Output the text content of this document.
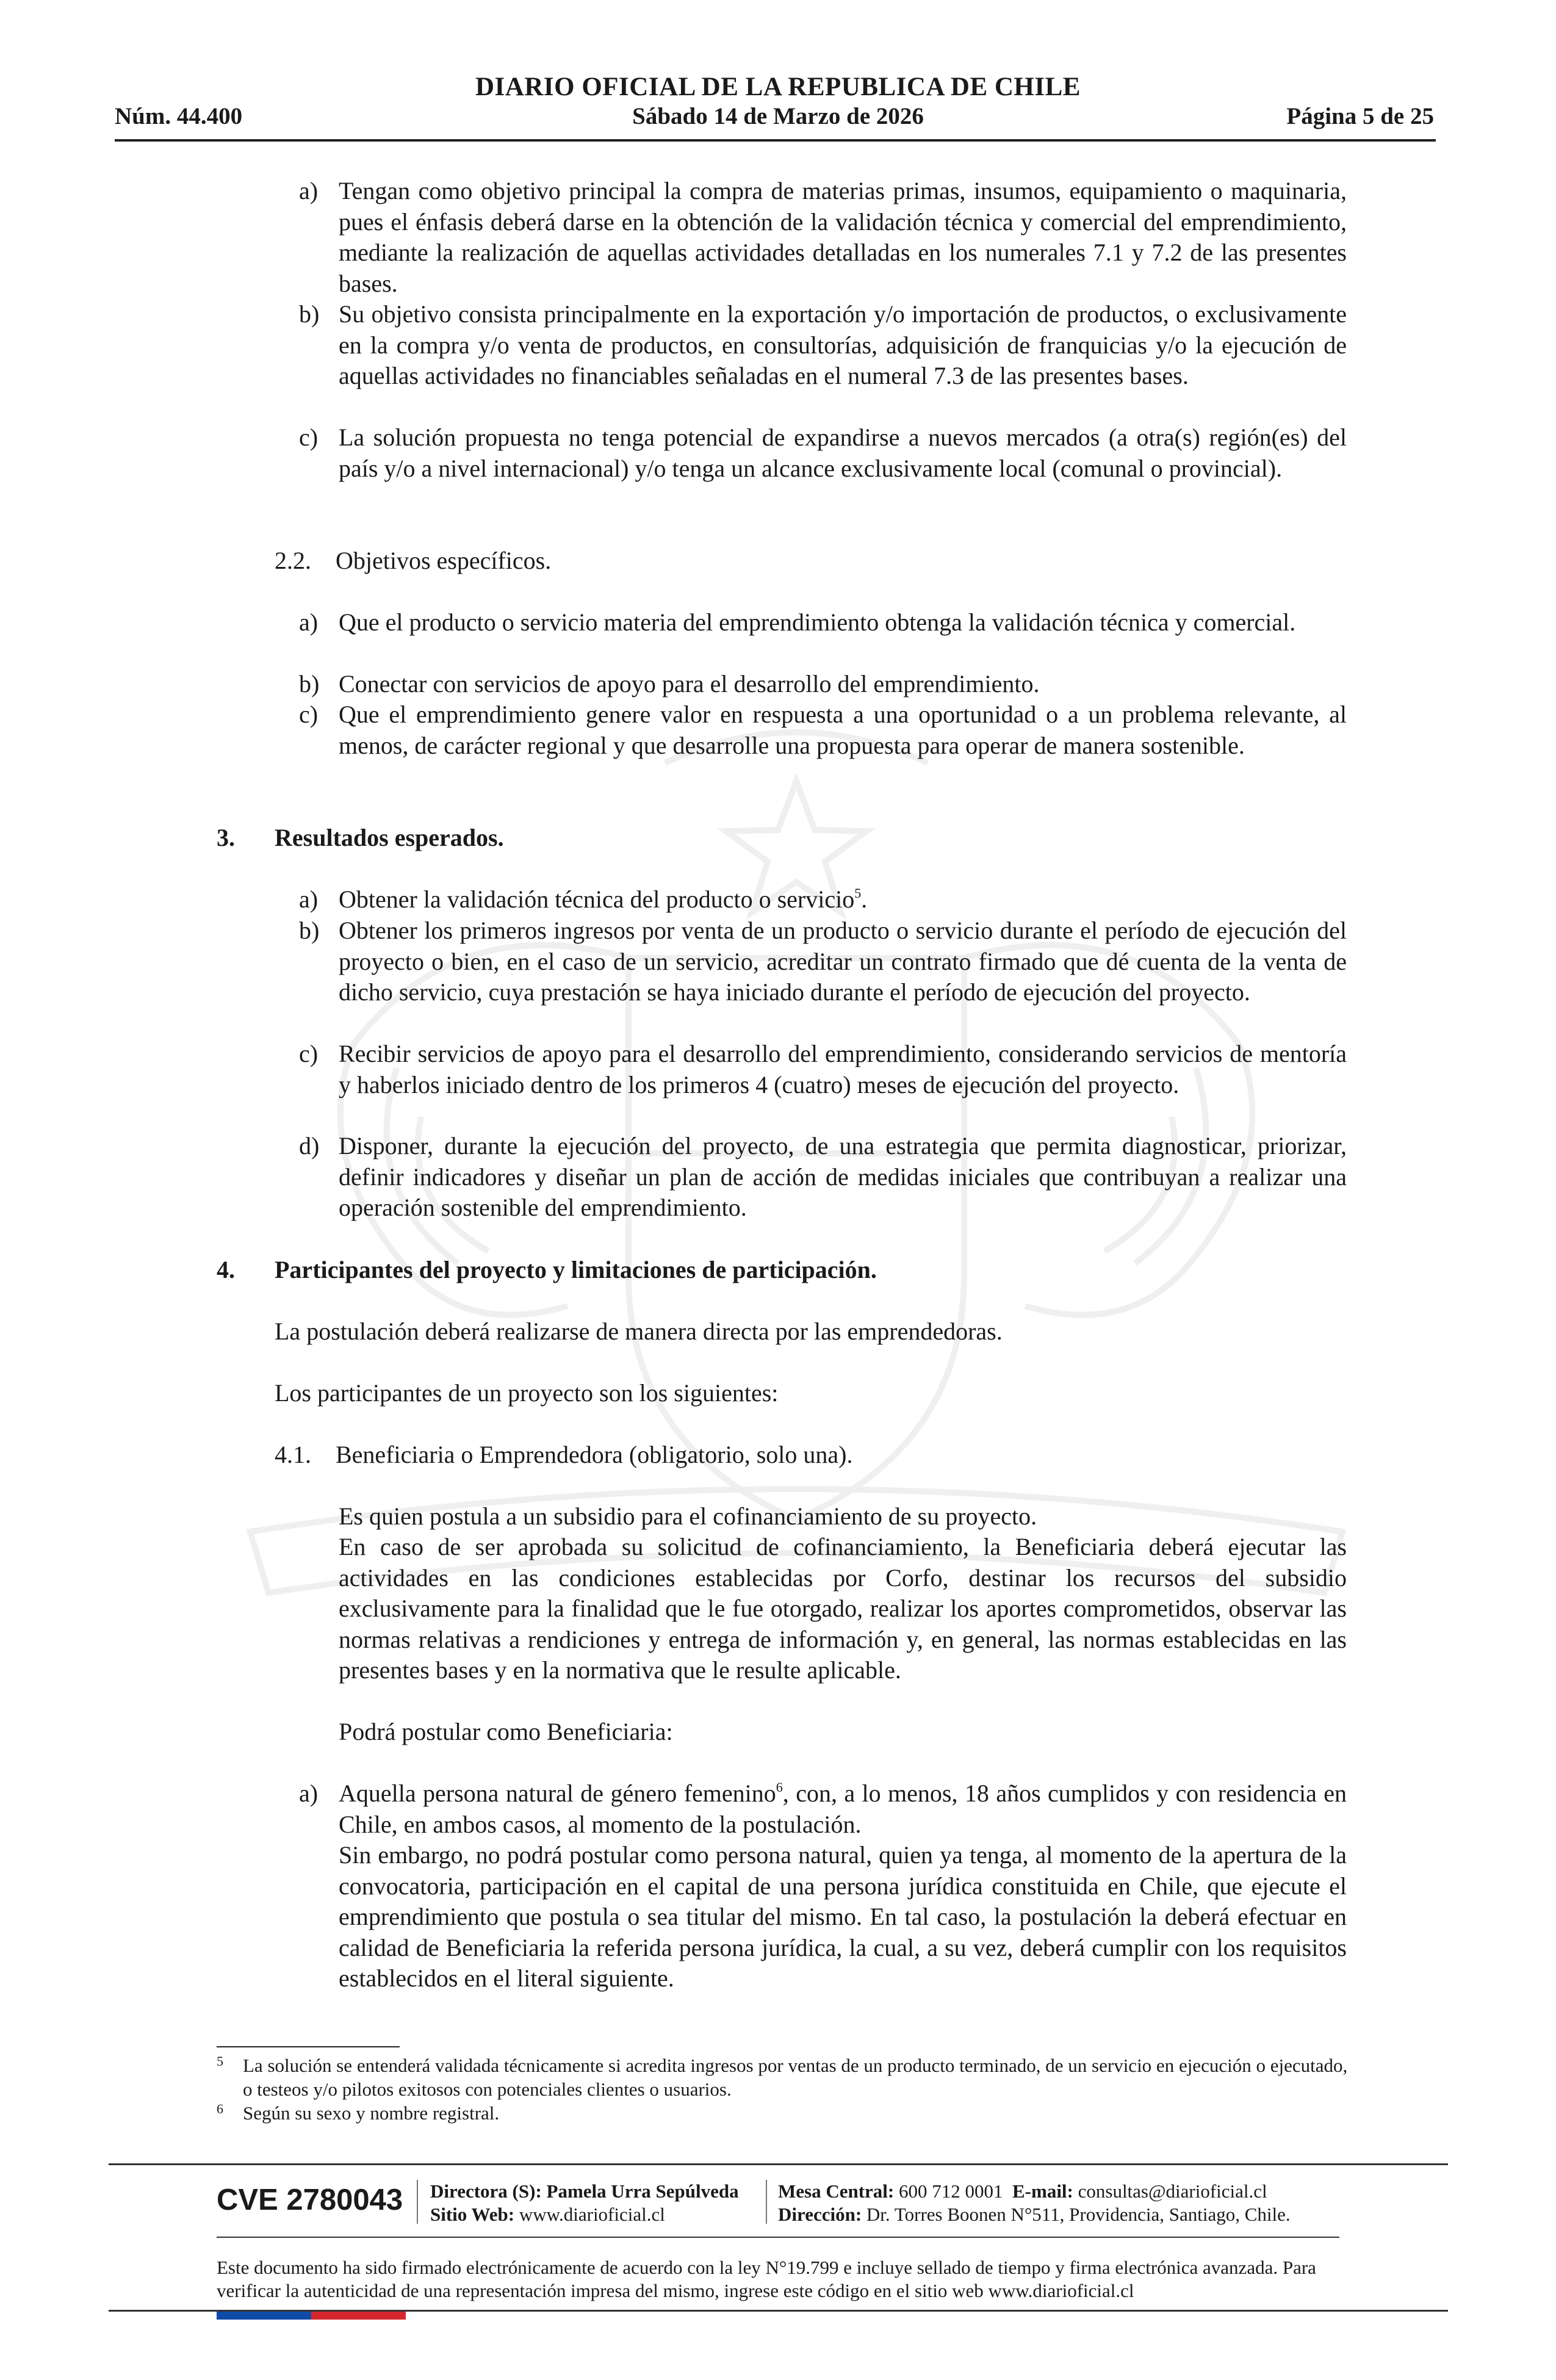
DIARIO OFICIAL DE LA REPUBLICA DE CHILE
Núm. 44.400	Sábado 14 de Marzo de 2026	Página 5 de 25
a) Tengan como objetivo principal la compra de materias primas, insumos, equipamiento o maquinaria, pues el énfasis deberá darse en la obtención de la validación técnica y comercial del emprendimiento, mediante la realización de aquellas actividades detalladas en los numerales 7.1 y 7.2 de las presentes bases.
b) Su objetivo consista principalmente en la exportación y/o importación de productos, o exclusivamente en la compra y/o venta de productos, en consultorías, adquisición de franquicias y/o la ejecución de aquellas actividades no financiables señaladas en el numeral 7.3 de las presentes bases.
c) La solución propuesta no tenga potencial de expandirse a nuevos mercados (a otra(s) región(es) del país y/o a nivel internacional) y/o tenga un alcance exclusivamente local (comunal o provincial).
2.2. Objetivos específicos.
a) Que el producto o servicio materia del emprendimiento obtenga la validación técnica y comercial.
b) Conectar con servicios de apoyo para el desarrollo del emprendimiento.
c) Que el emprendimiento genere valor en respuesta a una oportunidad o a un problema relevante, al menos, de carácter regional y que desarrolle una propuesta para operar de manera sostenible.
3. Resultados esperados.
a) Obtener la validación técnica del producto o servicio$^5$.
b) Obtener los primeros ingresos por venta de un producto o servicio durante el período de ejecución del proyecto o bien, en el caso de un servicio, acreditar un contrato firmado que dé cuenta de la venta de dicho servicio, cuya prestación se haya iniciado durante el período de ejecución del proyecto.
c) Recibir servicios de apoyo para el desarrollo del emprendimiento, considerando servicios de mentoría y haberlos iniciado dentro de los primeros 4 (cuatro) meses de ejecución del proyecto.
d) Disponer, durante la ejecución del proyecto, de una estrategia que permita diagnosticar, priorizar, definir indicadores y diseñar un plan de acción de medidas iniciales que contribuyan a realizar una operación sostenible del emprendimiento.
4. Participantes del proyecto y limitaciones de participación.
La postulación deberá realizarse de manera directa por las emprendedoras.
Los participantes de un proyecto son los siguientes:
4.1. Beneficiaria o Emprendedora (obligatorio, solo una).
Es quien postula a un subsidio para el cofinanciamiento de su proyecto.
En caso de ser aprobada su solicitud de cofinanciamiento, la Beneficiaria deberá ejecutar las actividades en las condiciones establecidas por Corfo, destinar los recursos del subsidio exclusivamente para la finalidad que le fue otorgado, realizar los aportes comprometidos, observar las normas relativas a rendiciones y entrega de información y, en general, las normas establecidas en las presentes bases y en la normativa que le resulte aplicable.
Podrá postular como Beneficiaria:
a) Aquella persona natural de género femenino$^6$, con, a lo menos, 18 años cumplidos y con residencia en Chile, en ambos casos, al momento de la postulación.
Sin embargo, no podrá postular como persona natural, quien ya tenga, al momento de la apertura de la convocatoria, participación en el capital de una persona jurídica constituida en Chile, que ejecute el emprendimiento que postula o sea titular del mismo. En tal caso, la postulación la deberá efectuar en calidad de Beneficiaria la referida persona jurídica, la cual, a su vez, deberá cumplir con los requisitos establecidos en el literal siguiente.
5 La solución se entenderá validada técnicamente si acredita ingresos por ventas de un producto terminado, de un servicio en ejecución o ejecutado, o testeos y/o pilotos exitosos con potenciales clientes o usuarios.
6 Según su sexo y nombre registral.
CVE 2780043 Directora (S): Pamela Urra Sepúlveda
Sitio Web: www.diarioficial.cl
Mesa Central: 600 712 0001 E-mail: consultas@diarioficial.cl
Dirección: Dr. Torres Boonen N°511, Providencia, Santiago, Chile.
Este documento ha sido firmado electrónicamente de acuerdo con la ley N°19.799 e incluye sellado de tiempo y firma electrónica avanzada. Para verificar la autenticidad de una representación impresa del mismo, ingrese este código en el sitio web www.diarioficial.cl
